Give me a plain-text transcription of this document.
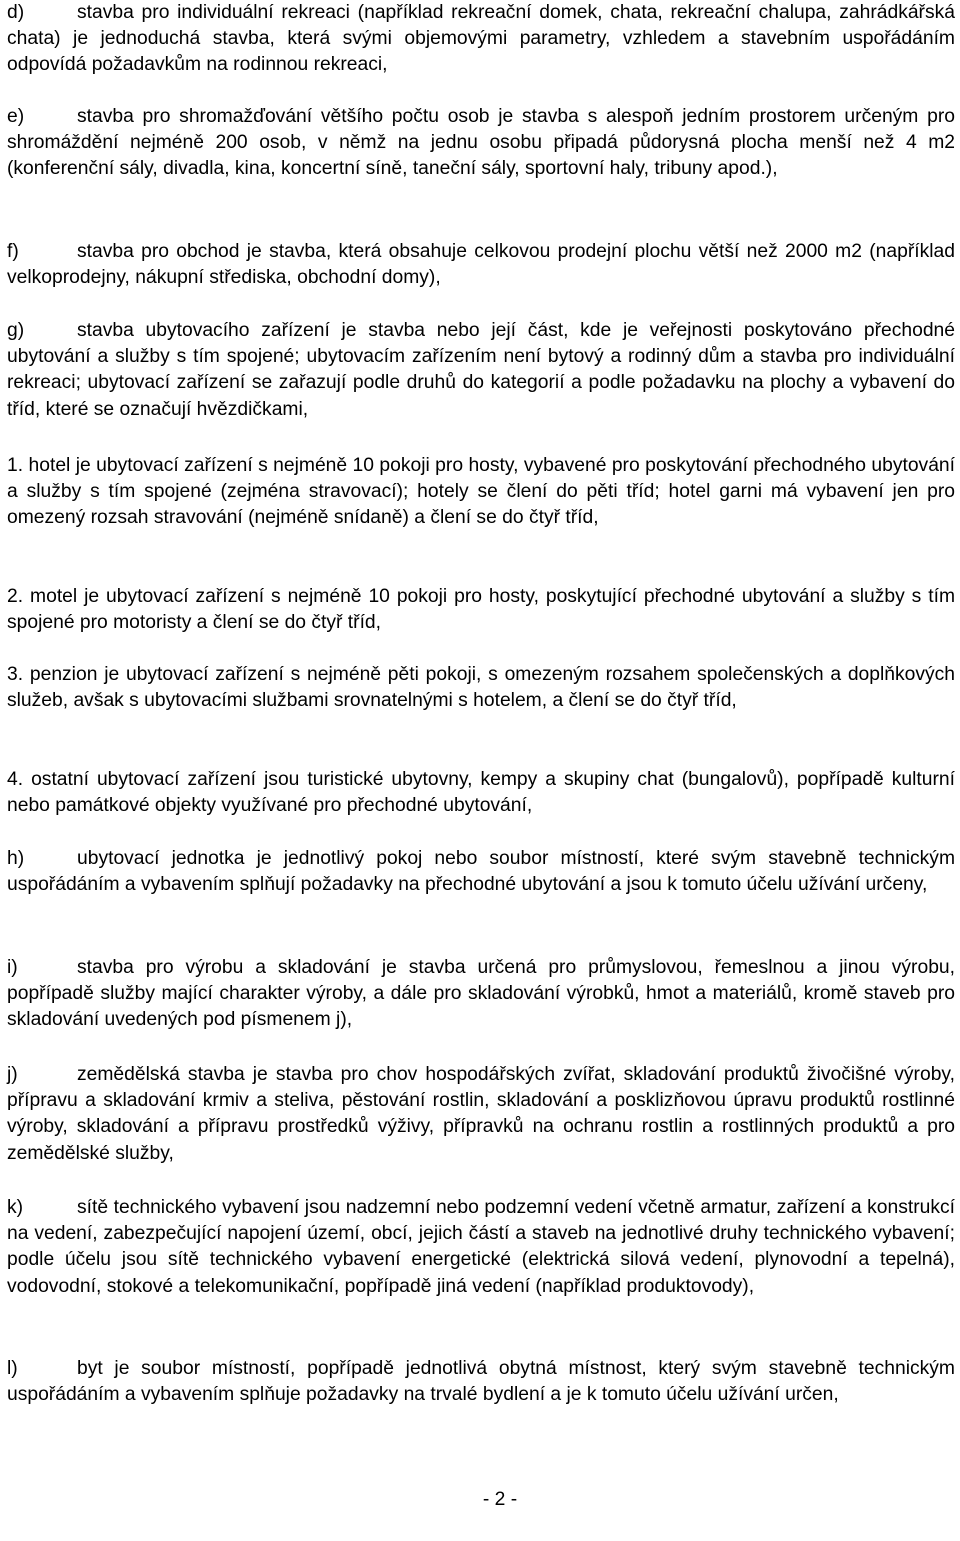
d)	stavba pro individuální rekreaci (například rekreační domek, chata, rekreační chalupa, zahrádkářská chata) je jednoduchá stavba, která svými objemovými parametry, vzhledem a stavebním uspořádáním odpovídá požadavkům na rodinnou rekreaci,

e)	stavba pro shromažďování většího počtu osob je stavba s alespoň jedním prostorem určeným pro shromáždění nejméně 200 osob, v němž na jednu osobu připadá půdorysná plocha menší než 4 m2 (konferenční sály, divadla, kina, koncertní síně, taneční sály, sportovní haly, tribuny apod.),

f)	stavba pro obchod je stavba, která obsahuje celkovou prodejní plochu větší než 2000 m2 (například velkoprodejny, nákupní střediska, obchodní domy),

g)	stavba ubytovacího zařízení je stavba nebo její část, kde je veřejnosti poskytováno přechodné ubytování a služby s tím spojené; ubytovacím zařízením není bytový a rodinný dům a stavba pro individuální rekreaci; ubytovací zařízení se zařazují podle druhů do kategorií a podle požadavku na plochy a vybavení do tříd, které se označují hvězdičkami,

1. hotel je ubytovací zařízení s nejméně 10 pokoji pro hosty, vybavené pro poskytování přechodného ubytování a služby s tím spojené (zejména stravovací); hotely se člení do pěti tříd; hotel garni má vybavení jen pro omezený rozsah stravování (nejméně snídaně) a člení se do čtyř tříd,

2. motel je ubytovací zařízení s nejméně 10 pokoji pro hosty, poskytující přechodné ubytování a služby s tím spojené pro motoristy a člení se do čtyř tříd,

3. penzion je ubytovací zařízení s nejméně pěti pokoji, s omezeným rozsahem společenských a doplňkových služeb, avšak s ubytovacími službami srovnatelnými s hotelem, a člení se do čtyř tříd,

4. ostatní ubytovací zařízení jsou turistické ubytovny, kempy a skupiny chat (bungalovů), popřípadě kulturní nebo památkové objekty využívané pro přechodné ubytování,

h)	ubytovací jednotka je jednotlivý pokoj nebo soubor místností, které svým stavebně technickým uspořádáním a vybavením splňují požadavky na přechodné ubytování a jsou k tomuto účelu užívání určeny,

i)	stavba pro výrobu a skladování je stavba určená pro průmyslovou, řemeslnou a jinou výrobu, popřípadě služby mající charakter výroby, a dále pro skladování výrobků, hmot a materiálů, kromě staveb pro skladování uvedených pod písmenem j),

j)	zemědělská stavba je stavba pro chov hospodářských zvířat, skladování produktů živočišné výroby, přípravu a skladování krmiv a steliva, pěstování rostlin, skladování a posklizňovou úpravu produktů rostlinné výroby, skladování a přípravu prostředků výživy, přípravků na ochranu rostlin a rostlinných produktů a pro zemědělské služby,

k)	sítě technického vybavení jsou nadzemní nebo podzemní vedení včetně armatur, zařízení a konstrukcí na vedení, zabezpečující napojení území, obcí, jejich částí a staveb na jednotlivé druhy technického vybavení; podle účelu jsou sítě technického vybavení energetické (elektrická silová vedení, plynovodní a tepelná), vodovodní, stokové a telekomunikační, popřípadě jiná vedení (například produktovody),

l)	byt je soubor místností, popřípadě jednotlivá obytná místnost, který svým stavebně technickým uspořádáním a vybavením splňuje požadavky na trvalé bydlení a je k tomuto účelu užívání určen,

- 2 -
